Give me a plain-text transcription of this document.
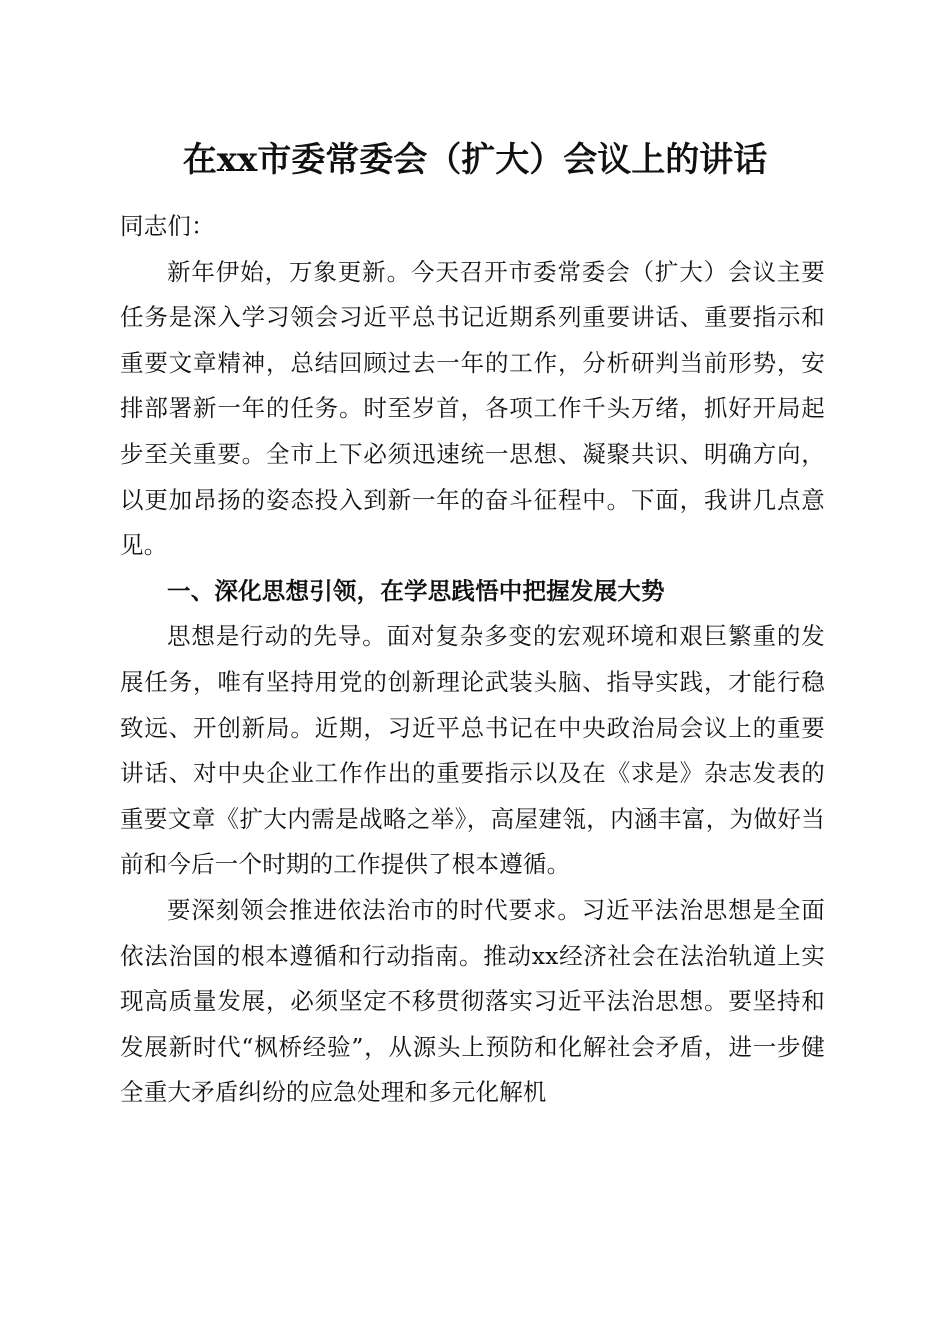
在xx市委常委会（扩大）会议上的讲话

同志们：

新年伊始，万象更新。今天召开市委常委会（扩大）会议主要任务是深入学习领会习近平总书记近期系列重要讲话、重要指示和重要文章精神，总结回顾过去一年的工作，分析研判当前形势，安排部署新一年的任务。时至岁首，各项工作千头万绪，抓好开局起步至关重要。全市上下必须迅速统一思想、凝聚共识、明确方向，以更加昂扬的姿态投入到新一年的奋斗征程中。下面，我讲几点意见。

一、深化思想引领，在学思践悟中把握发展大势

思想是行动的先导。面对复杂多变的宏观环境和艰巨繁重的发展任务，唯有坚持用党的创新理论武装头脑、指导实践，才能行稳致远、开创新局。近期，习近平总书记在中央政治局会议上的重要讲话、对中央企业工作作出的重要指示以及在《求是》杂志发表的重要文章《扩大内需是战略之举》，高屋建瓴，内涵丰富，为做好当前和今后一个时期的工作提供了根本遵循。

要深刻领会推进依法治市的时代要求。习近平法治思想是全面依法治国的根本遵循和行动指南。推动xx经济社会在法治轨道上实现高质量发展，必须坚定不移贯彻落实习近平法治思想。要坚持和发展新时代“枫桥经验”，从源头上预防和化解社会矛盾，进一步健全重大矛盾纠纷的应急处理和多元化解机
